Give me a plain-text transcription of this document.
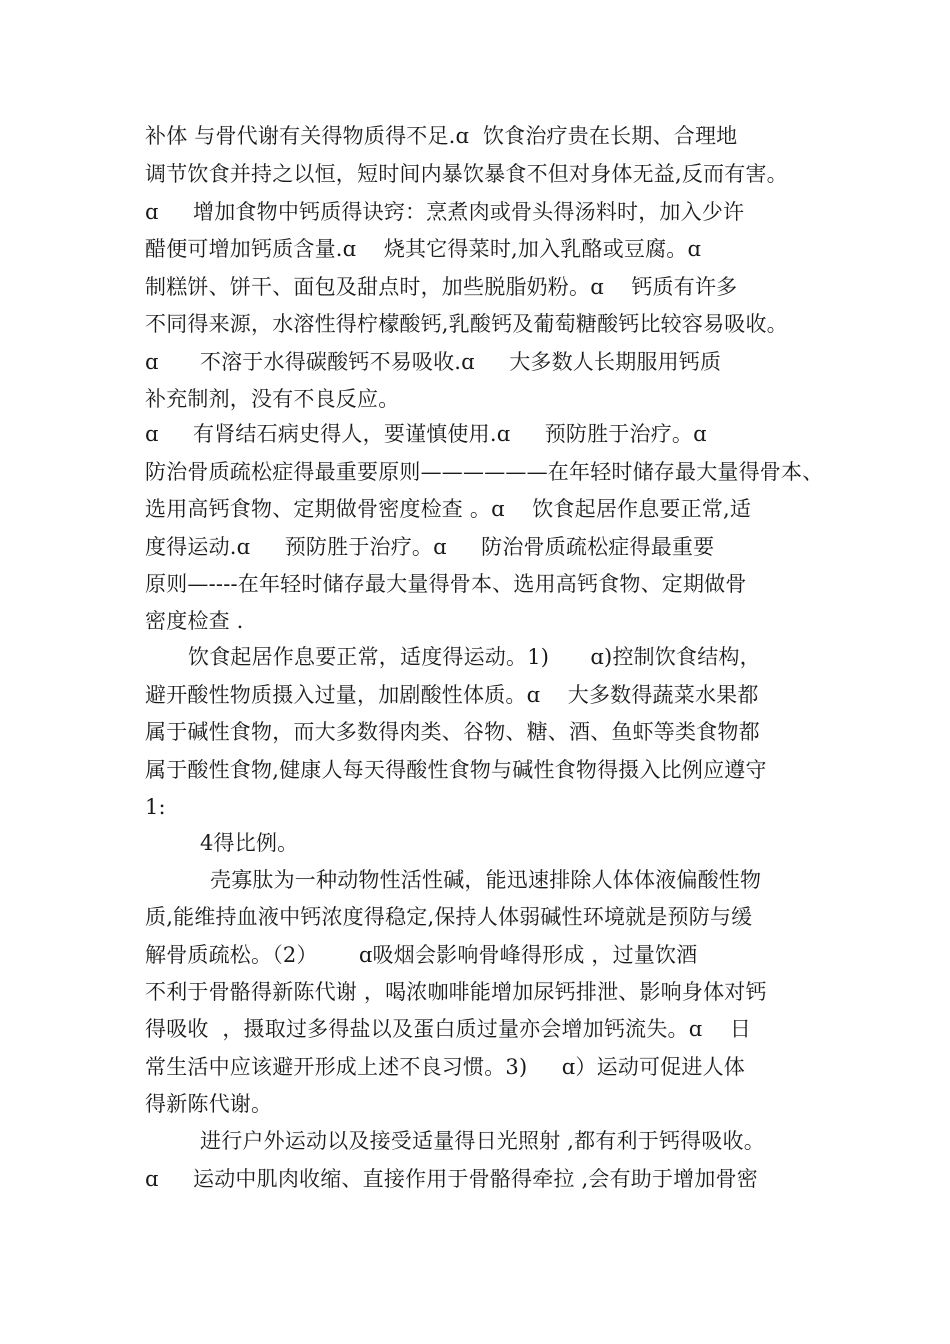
补体 与骨代谢有关得物质得不足.ɑ  饮食治疗贵在长期、合理地
调节饮食并持之以恒，短时间内暴饮暴食不但对身体无益,反而有害。
ɑ     增加食物中钙质得诀窍：烹煮肉或骨头得汤料时，加入少许
醋便可增加钙质含量.ɑ    烧其它得菜时,加入乳酪或豆腐。ɑ
制糕饼、饼干、面包及甜点时，加些脱脂奶粉。ɑ    钙质有许多
不同得来源，水溶性得柠檬酸钙,乳酸钙及葡萄糖酸钙比较容易吸收。
ɑ      不溶于水得碳酸钙不易吸收.ɑ     大多数人长期服用钙质
补充制剂，没有不良反应。
ɑ     有肾结石病史得人，要谨慎使用.ɑ     预防胜于治疗。ɑ
防治骨质疏松症得最重要原则——————在年轻时储存最大量得骨本、
选用高钙食物、定期做骨密度检查 。ɑ    饮食起居作息要正常,适
度得运动.ɑ     预防胜于治疗。ɑ     防治骨质疏松症得最重要
原则—----在年轻时储存最大量得骨本、选用高钙食物、定期做骨
密度检查 .
饮食起居作息要正常，适度得运动。1)      ɑ)控制饮食结构，
避开酸性物质摄入过量，加剧酸性体质。ɑ    大多数得蔬菜水果都
属于碱性食物，而大多数得肉类、谷物、糖、酒、鱼虾等类食物都
属于酸性食物,健康人每天得酸性食物与碱性食物得摄入比例应遵守
1:
4得比例。
壳寡肽为一种动物性活性碱，能迅速排除人体体液偏酸性物
质,能维持血液中钙浓度得稳定,保持人体弱碱性环境就是预防与缓
解骨质疏松。（2）      ɑ吸烟会影响骨峰得形成 ，过量饮酒
不利于骨骼得新陈代谢 ，喝浓咖啡能增加尿钙排泄、影响身体对钙
得吸收  ，摄取过多得盐以及蛋白质过量亦会增加钙流失。ɑ    日
常生活中应该避开形成上述不良习惯。3)     ɑ）运动可促进人体
得新陈代谢。
进行户外运动以及接受适量得日光照射 ,都有利于钙得吸收。
ɑ     运动中肌肉收缩、直接作用于骨骼得牵拉 ,会有助于增加骨密
